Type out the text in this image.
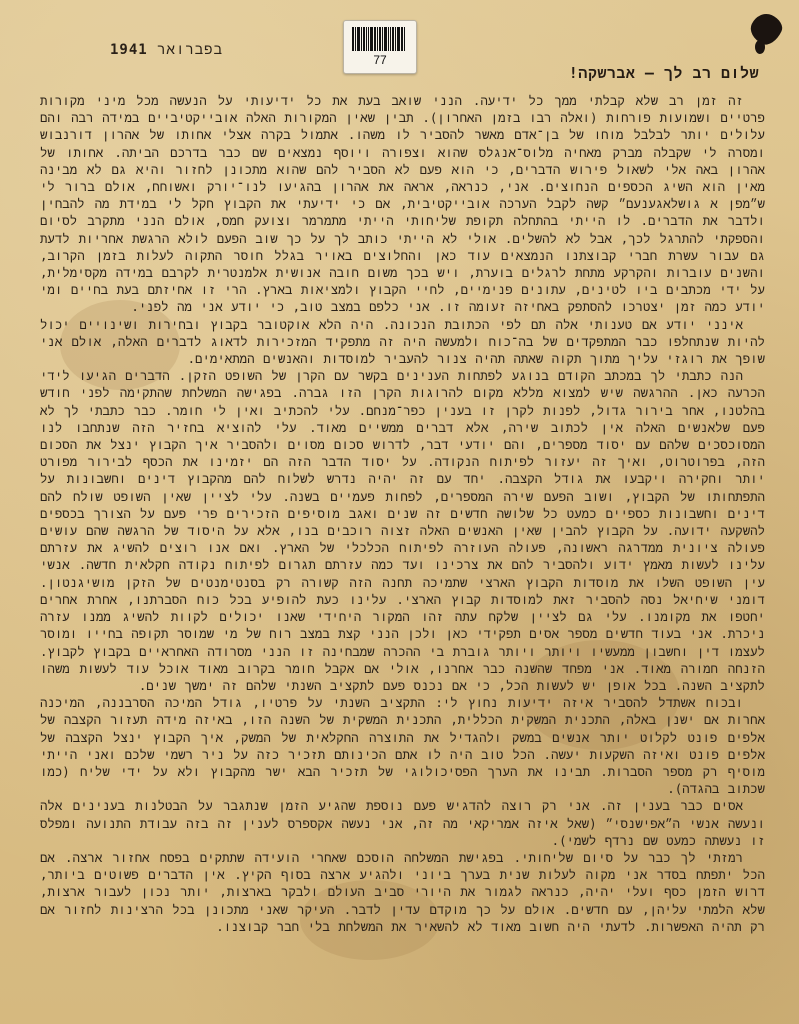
1941 בפברואר
77
שלום רב לך – אברשקה!

זה זמן רב שלא קבלתי ממך כל ידיעה. הנני שואב בעת את כל ידיעותי על הנעשה מכל מיני מקורות פרטיים ושמועות פורחות (ואלה רבו בזמן האחרון). תבין שאין המקורות האלה אובייקטיביים במידה רבה והם עלולים יותר לבלבל מוחו של בן־אדם מאשר להסביר לו משהו. אתמול בקרה אצלי אחותו של אהרון דורנבוש ומסרה לי שקבלה מברק מאחיה מלוס־אנגלס שהוא וצפורה ויוסף נמצאים שם כבר בדרכם הביתה. אחותו של אהרון באה אלי לשאול פירוש הדברים, כי הוא פעם לא הסביר להם שהוא מתכונן לחזור והיא גם לא מבינה מאין הוא השיג הכספים הנחוצים. אני, כנראה, אראה את אהרון בהגיעו לנו־יורק ואשוחח, אולם ברור לי ש״מפן א גושלאגענעם״ קשה לקבל הערכה אובייקטיבית, אם כי ידיעתי את הקבוץ חקל לי במידת מה להבחין ולדבר את הדברים. לו הייתי בהתחלה תקופת שליחותי הייתי מתמרמר וצועק חמס, אולם הנני מתקרב לסיום והספקתי להתרגל לכך, אבל לא להשלים. אולי לא הייתי כותב לך על כך שוב הפעם לולא הרגשת אחריות לדעת גם עבור עשרת חברי קבוצתנו הנמצאים עוד כאן והחלוצים באויר בגלל חוסר התקוה לעלות בזמן הקרוב, והשנים עוברות והקרקע מתחת לרגלים בוערת, ויש בכך משום חובה אנושית אלמנטרית לקרבם במידה מקסימלית, על ידי מכתבים ביו לטינים, עתונים פנימיים, לחיי הקבוץ ולמציאות בארץ. הרי זו אחיזתם בעת בחיים ומי יודע כמה זמן יצטרכו להסתפק באחיזה זעומה זו. אני כלפם במצב טוב, כי יודע אני מה לפני.

אינני יודע אם טענותי אלה תם לפי הכתובת הנכונה. היה הלא אוקטובר בקבוץ ובחירות ושינויים יכול להיות שנתחלפו כבר המתפקדים של בה־כוח ולמעשה היה זה מתפקיד המזכירות לדאוג לדברים האלה, אולם אני שופך את רוגזי עליך מתוך תקוה שאתה תהיה צנור להעביר למוסדות והאנשים המתאימים.

הנה כתבתי לך במכתב הקודם בנוגע לפתחות הענינים בקשר עם הקרן של השופט הזקן. הדברים הגיעו לידי הכרעה כאן. ההרגשה שיש למצוא מללא מקום להרוגות הקרן הזו גברה. בפגישה המשלחת שהתקימה לפני חודש בהלטנו, אחר בירור גדול, לפנות לקרן זו בענין כפר־מנחם. עלי להכתיב ואין לי חומר. כבר כתבתי לך לא פעם שלאנשים האלה אין לכתוב שירה, אלא דברים ממשיים מאוד. עלי להוציא בחזיר הזה שנתחבו לנו המסוכסכים שלהם עם יסוד מספרים, והם יודעי דבר, לדרוש סכום מסוים ולהסביר איך הקבוץ ינצל את הסכום הזה, בפרוטרוט, ואיך זה יעזור לפיתוח הנקודה. על יסוד הדבר הזה הם יזמינו את הכסף לבירור מפורט יותר וחקירה ויקבעו את גודל הקצבה. יחד עם זה יהיה נדרש לשלוח להם מהקבוץ דינים וחשבונות על התפתחותו של הקבוץ, ושוב הפעם שירה המספרים, לפחות פעמיים בשנה. עלי לציין שאין השופט שולח להם דינים וחשבונות כספיים כמעט כל שלושה חדשים זה שנים ואגב מוסיפים הזכירים פרי פעם על הצורך בכספים להשקעה ידועה. על הקבוץ להבין שאין האנשים האלה זצוה רוכבים בנו, אלא על היסוד של הרגשה שהם עושים פעולה ציונית ממדרגה ראשונה, פעולה העוזרה לפיתוח הכלכלי של הארץ. ואם אנו רוצים להשיג את עזרתם עלינו לעשות מאמץ ידוע ולהסביר להם את צרכינו ועד כמה עזרתם תגרום לפיתוח נקודה חקלאית חדשה. אנשי עין השופט השלו את מוסדות הקבוץ הארצי שתמיכה תחנה הזה קשורה רק בסנטימנטים של הזקן מושיגנטון. דומני שיחיאל נסה להסביר זאת למוסדות קבוץ הארצי. עלינו כעת להופיע בכל כוח הסברתנו, אחרת אחרים יחטפו את מקומנו. עלי גם לציין שלקח עתה זהו המקור היחידי שאנו יכולים לקוות להשיג ממנו עזרה ניכרת. אני בעוד חדשים מספר אסים תפקידי כאן ולכן הנני קצת במצב רוח של מי שמוסר תקופה בחייו ומוסר לעצמו דין וחשבון ממעשיו ויותר ויותר גוברת בי ההכרה שמבחינה זו הנני מסרודה האחראיים בקבוץ לקבוץ. הזנחה חמורה מאוד. אני מפחד שהשנה כבר אחרנו, אולי אם אקבל חומר בקרוב מאוד אוכל עוד לעשות משהו לתקציב השנה. בכל אופן יש לעשות הכל, כי אם נכנס פעם לתקציב השנתי שלהם זה ימשך שנים.

ובכוח אשתדל להסביר איזה ידיעות נחוץ לי: התקציב השנתי על פרטיו, גודל המיכה הסרבננה, המיכנה אחרות אם ישנן באלה, התכנית המשקית הכללית, התכנית המשקית של השנה הזו, באיזה מידה תעזור הקצבה של אלפים פונט לקלוט יותר אנשים במשק ולהגדיל את התוצרה החקלאית של המשק, איך הקבוץ ינצל הקצבה של אלפים פונט ואיזה השקעות יעשה. הכל טוב היה לו אתם הכינותם תזכיר כזה על ניר רשמי שלכם ואני הייתי מוסיף רק מספר הסברות. תבינו את הערך הפסיכולוגי של תזכיר הבא ישר מהקבוץ ולא על ידי שליח (כמו שכתוב בהגדה).

אסים כבר בענין זה. אני רק רוצה להדגיש פעם נוספת שהגיע הזמן שנתגבר על הבטלנות בענינים אלה ונעשה אנשי ה״אפישנסי״ (שאל איזה אמריקאי מה זה, אני נעשה אקספרס לענין זה בזה עבודת התנועה ומפלס זו נעשתה כמעט שם נרדף לשמי).

רמזתי לך כבר על סיום שליחותי. בפגישת המשלחה הוסכם שאחרי הועידה שתתקים בפסח אחזור ארצה. אם הכל יתפתח בסדר אני מקוה לעלות שנית בערך ביוני ולהגיע ארצה בסוף הקיץ. אין הדברים פשוטים ביותר, דרוש הזמן כסף ועלי יהיה, כנראה לגמור את היורי סביב העולם ולבקר בארצות, יותר נכון לעבור ארצות, שלא הלמתי עליהן, עם חדשים. אולם על כך מוקדם עדין לדבר. העיקר שאני מתכונן בכל הרצינות לחזור אם רק תהיה האפשרות. לדעתי היה חשוב מאוד לא להשאיר את המשלחת בלי חבר קבוצנו.
